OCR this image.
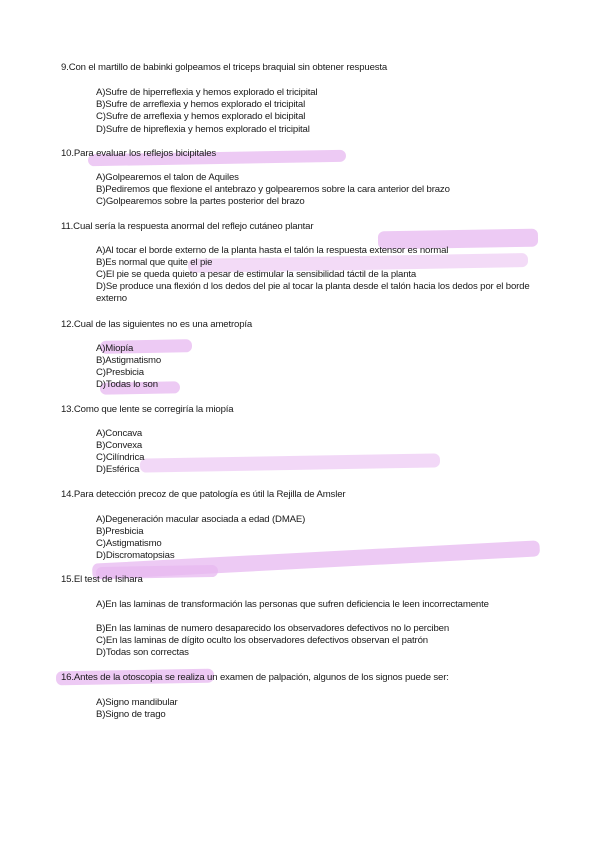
9.Con el martillo de babinki golpeamos el triceps braquial sin obtener respuesta
A)Sufre de hiperreflexia y hemos explorado el tricipital
B)Sufre de arreflexia y hemos explorado el tricipital
C)Sufre de arreflexia y hemos explorado el bicipital
D)Sufre de hipreflexia y hemos explorado el tricipital
10.Para evaluar los reflejos bicipitales
A)Golpearemos el talon de Aquiles
B)Pediremos que flexione el antebrazo y golpearemos sobre la cara anterior del brazo
C)Golpearemos sobre la partes posterior del brazo
11.Cual sería la respuesta anormal del reflejo cutáneo plantar
A)Al tocar el borde externo de la planta hasta el talón la respuesta extensor es normal
B)Es normal que quite el pie
C)El pie se queda quieto a pesar de estimular la sensibilidad táctil de la planta
D)Se produce una flexión d los dedos del pie al tocar la planta desde el talón hacia los dedos por el borde externo
12.Cual de las siguientes no es una ametropía
A)Miopía
B)Astigmatismo
C)Presbicia
D)Todas lo son
13.Como que lente se corregiría la miopía
A)Concava
B)Convexa
C)Cilíndrica
D)Esférica
14.Para detección precoz de que patología es útil la Rejilla de Amsler
A)Degeneración macular asociada a edad (DMAE)
B)Presbicia
C)Astigmatismo
D)Discromatopsias
15.El test de Isihara
A)En las laminas de transformación las personas que sufren deficiencia le leen incorrectamente
B)En las laminas de numero desaparecido los observadores defectivos no lo perciben
C)En las laminas de dígito oculto los observadores defectivos observan el patrón
D)Todas son correctas
16.Antes de la otoscopia se realiza un examen de palpación, algunos de los signos puede ser:
A)Signo mandibular
B)Signo de trago
